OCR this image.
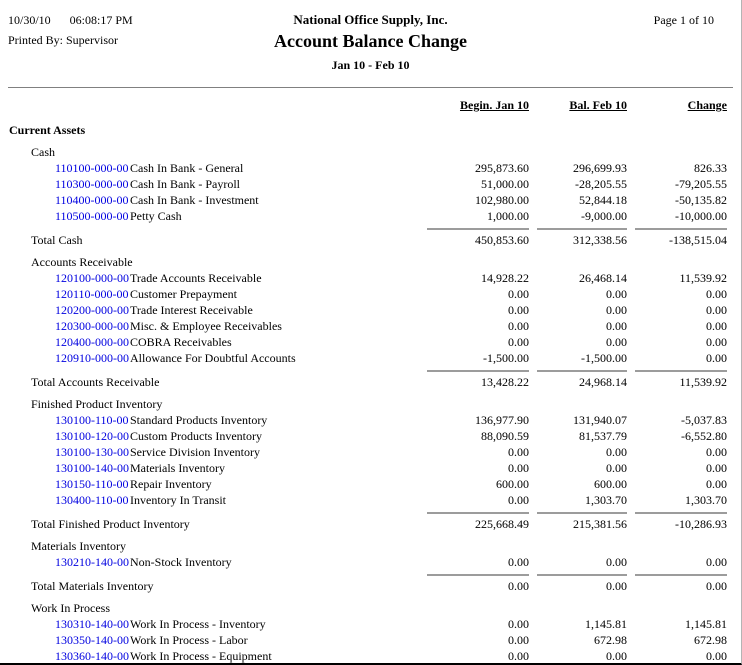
10/30/10 06:08:17 PM	National Office Supply, Inc.	Page 1 of 10
Printed By: Supervisor	Account Balance Change
Jan 10 - Feb 10
Begin. Jan 10	Bal. Feb 10	Change
Current Assets
Cash
110100-000-00Cash In Bank - General	295,873.60	296,699.93	826.33
110300-000-00Cash In Bank - Payroll	51,000.00	-28,205.55	-79,205.55
110400-000-00Cash In Bank - Investment	102,980.00	52,844.18	-50,135.82
110500-000-00Petty Cash	1,000.00	-9,000.00	-10,000.00
Total Cash	450,853.60	312,338.56	-138,515.04
Accounts Receivable
120100-000-00Trade Accounts Receivable	14,928.22	26,468.14	11,539.92
120110-000-00Customer Prepayment	0.00	0.00	0.00
120200-000-00Trade Interest Receivable	0.00	0.00	0.00
120300-000-00Misc. & Employee Receivables	0.00	0.00	0.00
120400-000-00COBRA Receivables	0.00	0.00	0.00
120910-000-00Allowance For Doubtful Accounts	-1,500.00	-1,500.00	0.00
Total Accounts Receivable	13,428.22	24,968.14	11,539.92
Finished Product Inventory
130100-110-00Standard Products Inventory	136,977.90	131,940.07	-5,037.83
130100-120-00Custom Products Inventory	88,090.59	81,537.79	-6,552.80
130100-130-00Service Division Inventory	0.00	0.00	0.00
130100-140-00Materials Inventory	0.00	0.00	0.00
130150-110-00Repair Inventory	600.00	600.00	0.00
130400-110-00Inventory In Transit	0.00	1,303.70	1,303.70
Total Finished Product Inventory	225,668.49	215,381.56	-10,286.93
Materials Inventory
130210-140-00Non-Stock Inventory	0.00	0.00	0.00
Total Materials Inventory	0.00	0.00	0.00
Work In Process
130310-140-00Work In Process - Inventory	0.00	1,145.81	1,145.81
130350-140-00Work In Process - Labor	0.00	672.98	672.98
130360-140-00Work In Process - Equipment	0.00	0.00	0.00
